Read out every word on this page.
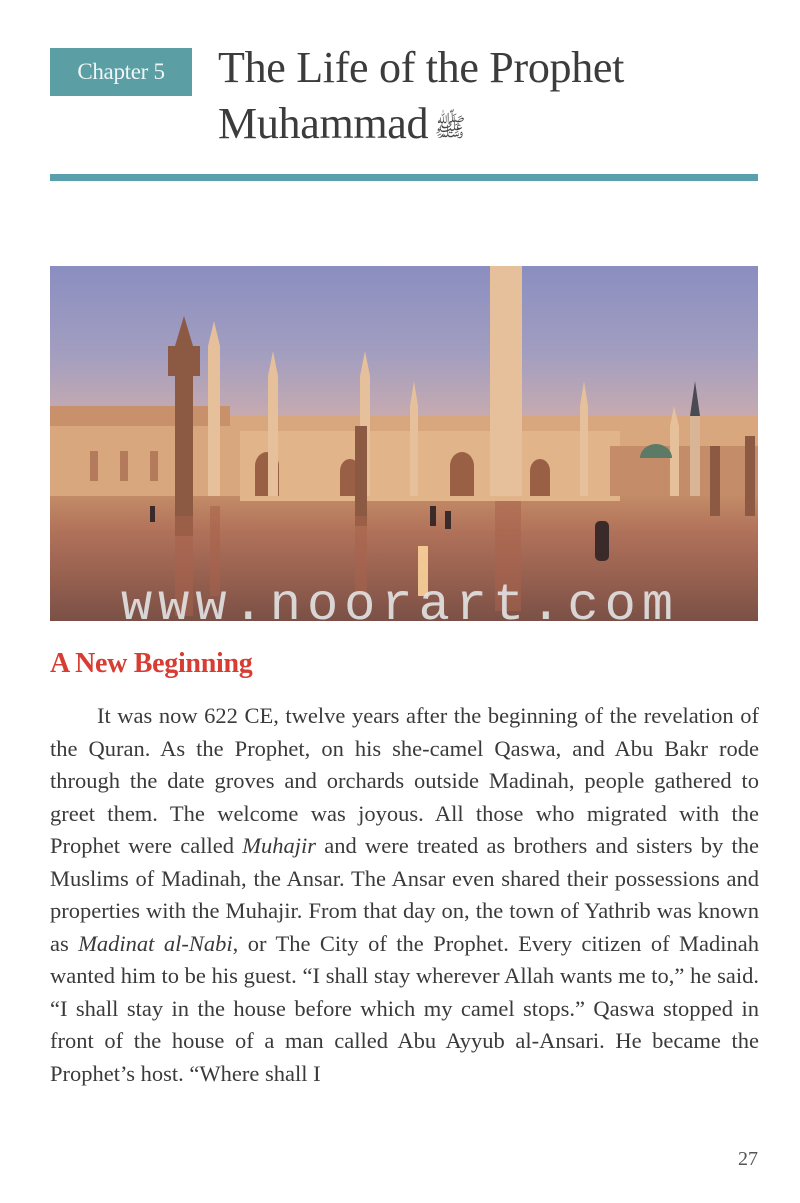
Chapter 5	The Life of the Prophet
Muhammad ﷺ
www.noorart.com
A New Beginning

It was now 622 CE, twelve years after the beginning of the revelation of the Quran. As the Prophet, on his she-camel Qaswa, and Abu Bakr rode through the date groves and orchards outside Madinah, people gathered to greet them. The welcome was joyous. All those who migrated with the Prophet were called Muhajir and were treated as brothers and sisters by the Muslims of Madinah, the Ansar. The Ansar even shared their possessions and properties with the Muhajir. From that day on, the town of Yathrib was known as Madinat al-Nabi, or The City of the Prophet. Every citizen of Madinah wanted him to be his guest. “I shall stay wherever Allah wants me to,” he said. “I shall stay in the house before which my camel stops.” Qaswa stopped in front of the house of a man called Abu Ayyub al-Ansari. He became the Prophet’s host. “Where shall I

27
